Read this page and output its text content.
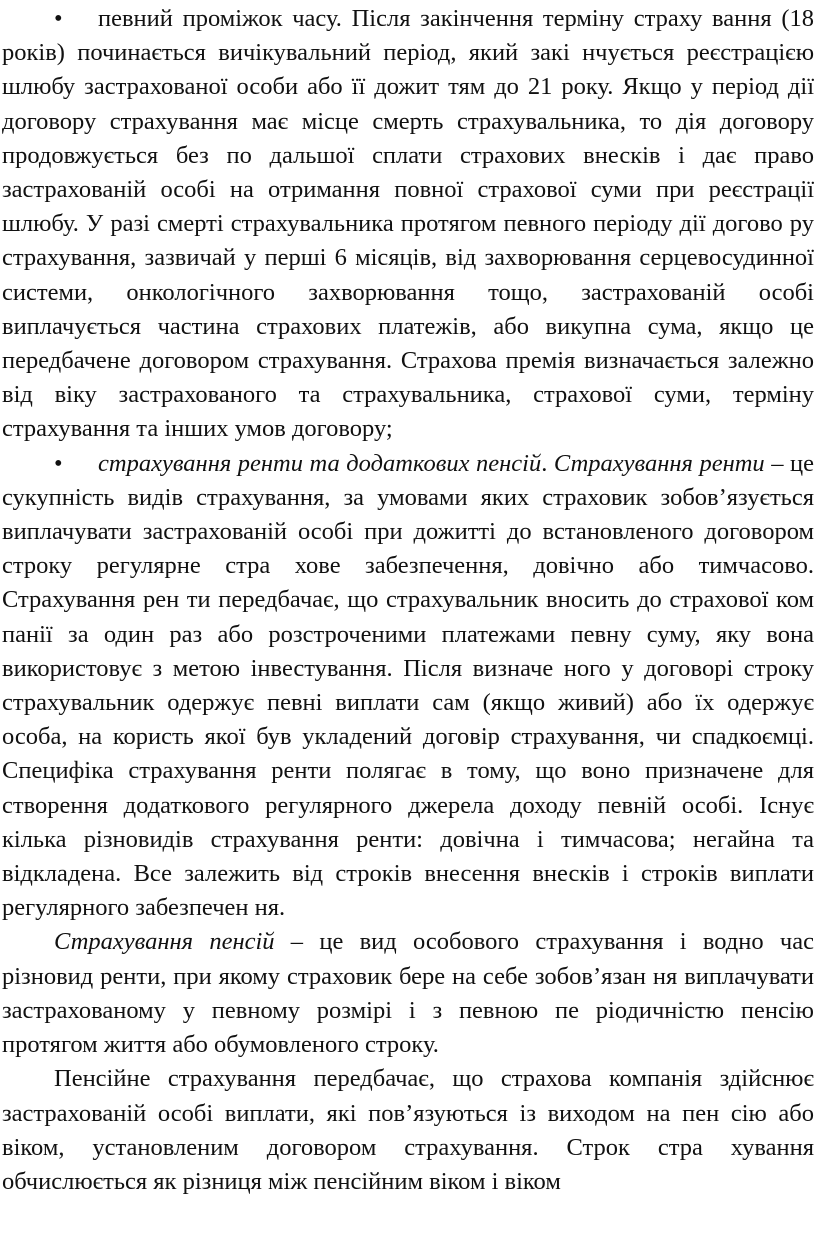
• певний проміжок часу. Після закінчення терміну страху вання (18 років) починається вичікувальний період, який закі нчується реєстрацією шлюбу застрахованої особи або її дожит тям до 21 року. Якщо у період дії договору страхування має місце смерть страхувальника, то дія договору продовжується без по дальшої сплати страхових внесків і дає право застрахованій особі на отримання повної страхової суми при реєстрації шлюбу. У разі смерті страхувальника протягом певного періоду дії догово ру страхування, зазвичай у перші 6 місяців, від захворювання серцевосудинної системи, онкологічного захворювання тощо, застрахованій особі виплачується частина страхових платежів, або викупна сума, якщо це передбачене договором страхування. Страхова премія визначається залежно від віку застрахованого та страхувальника, страхової суми, терміну страхування та інших умов договору;

• страхування ренти та додаткових пенсій. Страхування ренти – це сукупність видів страхування, за умовами яких страховик зобов’язується виплачувати застрахованій особі при дожитті до встановленого договором строку регулярне стра хове забезпечення, довічно або тимчасово. Страхування рен ти передбачає, що страхувальник вносить до страхової ком панії за один раз або розстроченими платежами певну суму, яку вона використовує з метою інвестування. Після визначе ного у договорі строку страхувальник одержує певні виплати сам (якщо живий) або їх одержує особа, на користь якої був укладений договір страхування, чи спадкоємці. Специфіка страхування ренти полягає в тому, що воно призначене для створення додаткового регулярного джерела доходу певній особі. Існує кілька різновидів страхування ренти: довічна і тимчасова; негайна та відкладена. Все залежить від строків внесення внесків і строків виплати регулярного забезпечен ня.

Страхування пенсій – це вид особового страхування і водно час різновид ренти, при якому страховик бере на себе зобов’язан ня виплачувати застрахованому у певному розмірі і з певною пе ріодичністю пенсію протягом життя або обумовленого строку.

Пенсійне страхування передбачає, що страхова компанія здійснює застрахованій особі виплати, які пов’язуються із виходом на пен сію або віком, установленим договором страхування. Строк стра хування обчислюється як різниця між пенсійним віком і віком
